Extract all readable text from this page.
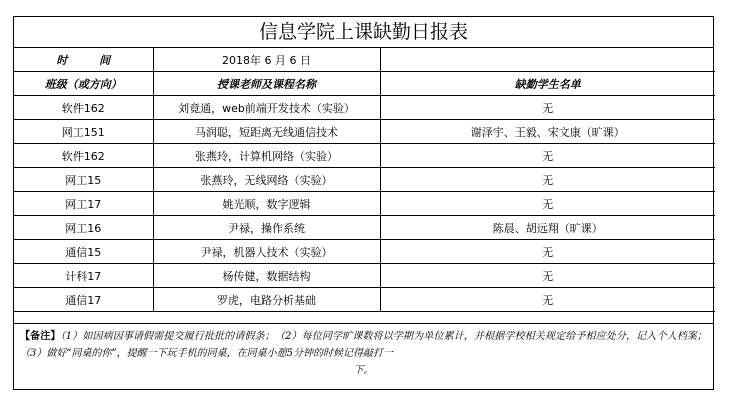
信息学院上课缺勤日报表
时 间	2018年 6 月 6 日	
班级（或方向）	授课老师及课程名称	缺勤学生名单
软件162	刘竟通，web前端开发技术（实验）	无
网工151	马润聪，短距离无线通信技术	谢泽宇、王毅、宋文康（旷课）
软件162	张燕玲，计算机网络（实验）	无
网工15	张燕玲，无线网络（实验）	无
网工17	姚光顺，数字逻辑	无
网工16	尹禄，操作系统	陈晨、胡远翔（旷课）
通信15	尹禄，机器人技术（实验）	无
计科17	杨传健，数据结构	无
通信17	罗虎，电路分析基础	无
【备注】（1）如因病因事请假需提交履行批批的请假条；（2）每位同学旷课数将以学期为单位累计，并根据学校相关规定给予相应处分，记入个人档案；（3）做好“同桌的你”，提醒一下玩手机的同桌，在同桌小憩5分钟的时候记得敲打一
下。
